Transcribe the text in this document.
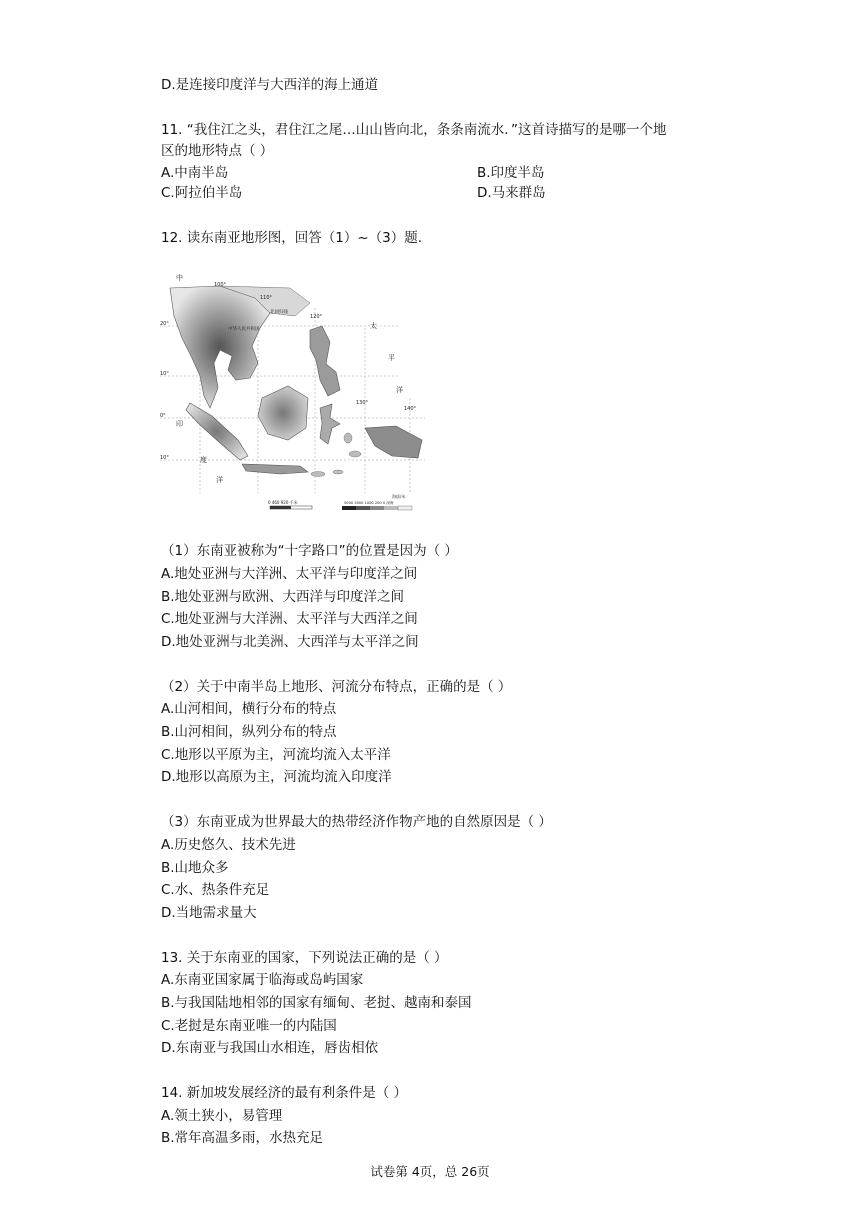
D.是连接印度洋与大西洋的海上通道
11. “我住江之头，君住江之尾…山山皆向北，条条南流水．”这首诗描写的是哪一个地
区的地形特点（ ）
A.中南半岛	B.印度半岛
C.阿拉伯半岛	D.马来群岛
12. 读东南亚地形图，回答（1）~（3）题.
100°
110°
120°
130°
140°
20°
10°
0°
10°
北回归线
中华人民共和国
中
太
平
洋
印
度
洋
0 460 920 千米
海拔/米
5000 3000 1000 200 0 深海
（1）东南亚被称为“十字路口”的位置是因为（ ）
A.地处亚洲与大洋洲、太平洋与印度洋之间
B.地处亚洲与欧洲、大西洋与印度洋之间
C.地处亚洲与大洋洲、太平洋与大西洋之间
D.地处亚洲与北美洲、大西洋与太平洋之间
（2）关于中南半岛上地形、河流分布特点，正确的是（ ）
A.山河相间，横行分布的特点
B.山河相间，纵列分布的特点
C.地形以平原为主，河流均流入太平洋
D.地形以高原为主，河流均流入印度洋
（3）东南亚成为世界最大的热带经济作物产地的自然原因是（ ）
A.历史悠久、技术先进
B.山地众多
C.水、热条件充足
D.当地需求量大
13. 关于东南亚的国家，下列说法正确的是（ ）
A.东南亚国家属于临海或岛屿国家
B.与我国陆地相邻的国家有缅甸、老挝、越南和泰国
C.老挝是东南亚唯一的内陆国
D.东南亚与我国山水相连，唇齿相依
14. 新加坡发展经济的最有利条件是（ ）
A.领土狭小，易管理
B.常年高温多雨，水热充足
试卷第 4页，总 26页
